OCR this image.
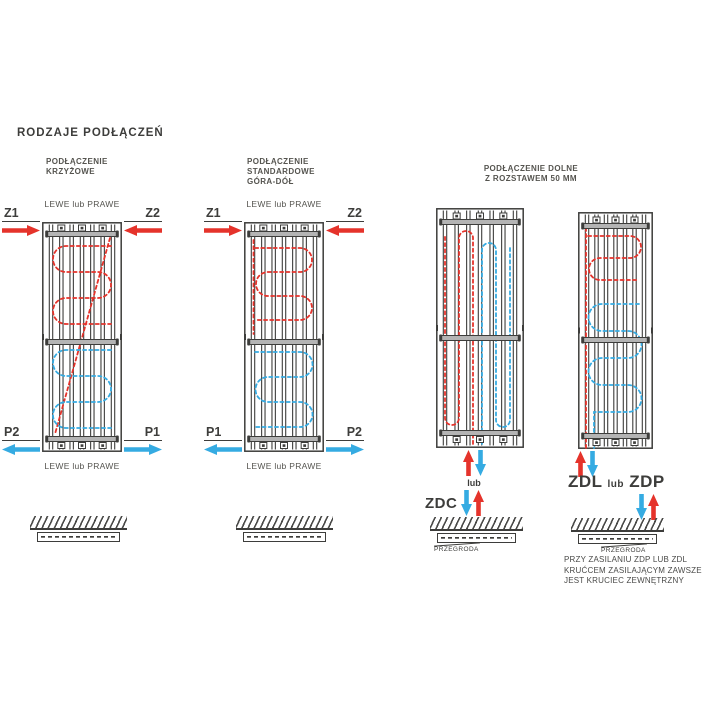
RODZAJE PODŁĄCZEŃ
PODŁĄCZENIE
KRZYŻOWE
PODŁĄCZENIE
STANDARDOWE
GÓRA-DÓŁ
PODŁĄCZENIE DOLNE
Z ROZSTAWEM 50 MM
LEWE lub PRAWE
LEWE lub PRAWE
LEWE lub PRAWE
LEWE lub PRAWE
Z1	Z2
P2	P1
Z1	Z2
P1	P2
lub
ZDC
ZDL lub ZDP
PRZEGRODA	PRZEGRODA
PRZY ZASILANIU ZDP LUB ZDL
KRUĆCEM ZASILAJĄCYM ZAWSZE
JEST KRUCIEC ZEWNĘTRZNY
